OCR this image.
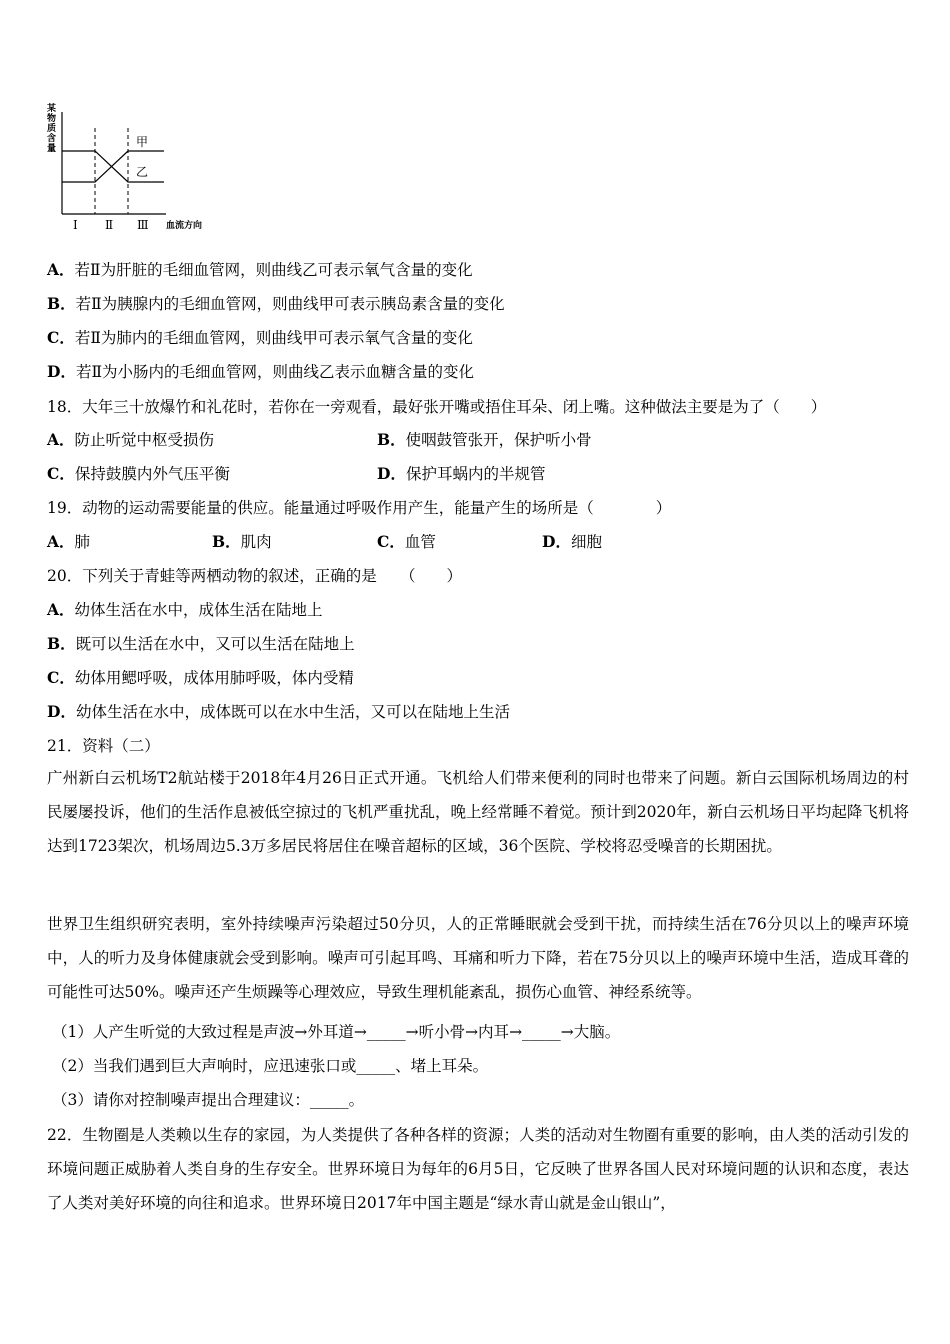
某
物
质
含
量	甲
乙
Ⅰ Ⅱ Ⅲ 血流方向
A．若Ⅱ为肝脏的毛细血管网，则曲线乙可表示氧气含量的变化
B．若Ⅱ为胰腺内的毛细血管网，则曲线甲可表示胰岛素含量的变化
C．若Ⅱ为肺内的毛细血管网，则曲线甲可表示氧气含量的变化
D．若Ⅱ为小肠内的毛细血管网，则曲线乙表示血糖含量的变化
18．大年三十放爆竹和礼花时，若你在一旁观看，最好张开嘴或捂住耳朵、闭上嘴。这种做法主要是为了（　　）
A．防止听觉中枢受损伤	B．使咽鼓管张开，保护听小骨
C．保持鼓膜内外气压平衡	D．保护耳蜗内的半规管
19．动物的运动需要能量的供应。能量通过呼吸作用产生，能量产生的场所是（　　　　）
A．肺	B．肌肉	C．血管	D．细胞
20．下列关于青蛙等两栖动物的叙述，正确的是　　（　　）
A．幼体生活在水中，成体生活在陆地上
B．既可以生活在水中，又可以生活在陆地上
C．幼体用鳃呼吸，成体用肺呼吸，体内受精
D．幼体生活在水中，成体既可以在水中生活，又可以在陆地上生活
21．资料（二）
广州新白云机场T2航站楼于2018年4月26日正式开通。飞机给人们带来便利的同时也带来了问题。新白云国际机场周边的村民屡屡投诉，他们的生活作息被低空掠过的飞机严重扰乱，晚上经常睡不着觉。预计到2020年，新白云机场日平均起降飞机将达到1723架次，机场周边5.3万多居民将居住在噪音超标的区域，36个医院、学校将忍受噪音的长期困扰。
世界卫生组织研究表明，室外持续噪声污染超过50分贝，人的正常睡眠就会受到干扰，而持续生活在76分贝以上的噪声环境中，人的听力及身体健康就会受到影响。噪声可引起耳鸣、耳痛和听力下降，若在75分贝以上的噪声环境中生活，造成耳聋的可能性可达50%。噪声还产生烦躁等心理效应，导致生理机能紊乱，损伤心血管、神经系统等。
（1）人产生听觉的大致过程是声波→外耳道→_____→听小骨→内耳→_____→大脑。
（2）当我们遇到巨大声响时，应迅速张口或_____、堵上耳朵。
（3）请你对控制噪声提出合理建议：_____。
22．生物圈是人类赖以生存的家园，为人类提供了各种各样的资源；人类的活动对生物圈有重要的影响，由人类的活动引发的环境问题正威胁着人类自身的生存安全。世界环境日为每年的6月5日，它反映了世界各国人民对环境问题的认识和态度，表达了人类对美好环境的向往和追求。世界环境日2017年中国主题是“绿水青山就是金山银山”，
